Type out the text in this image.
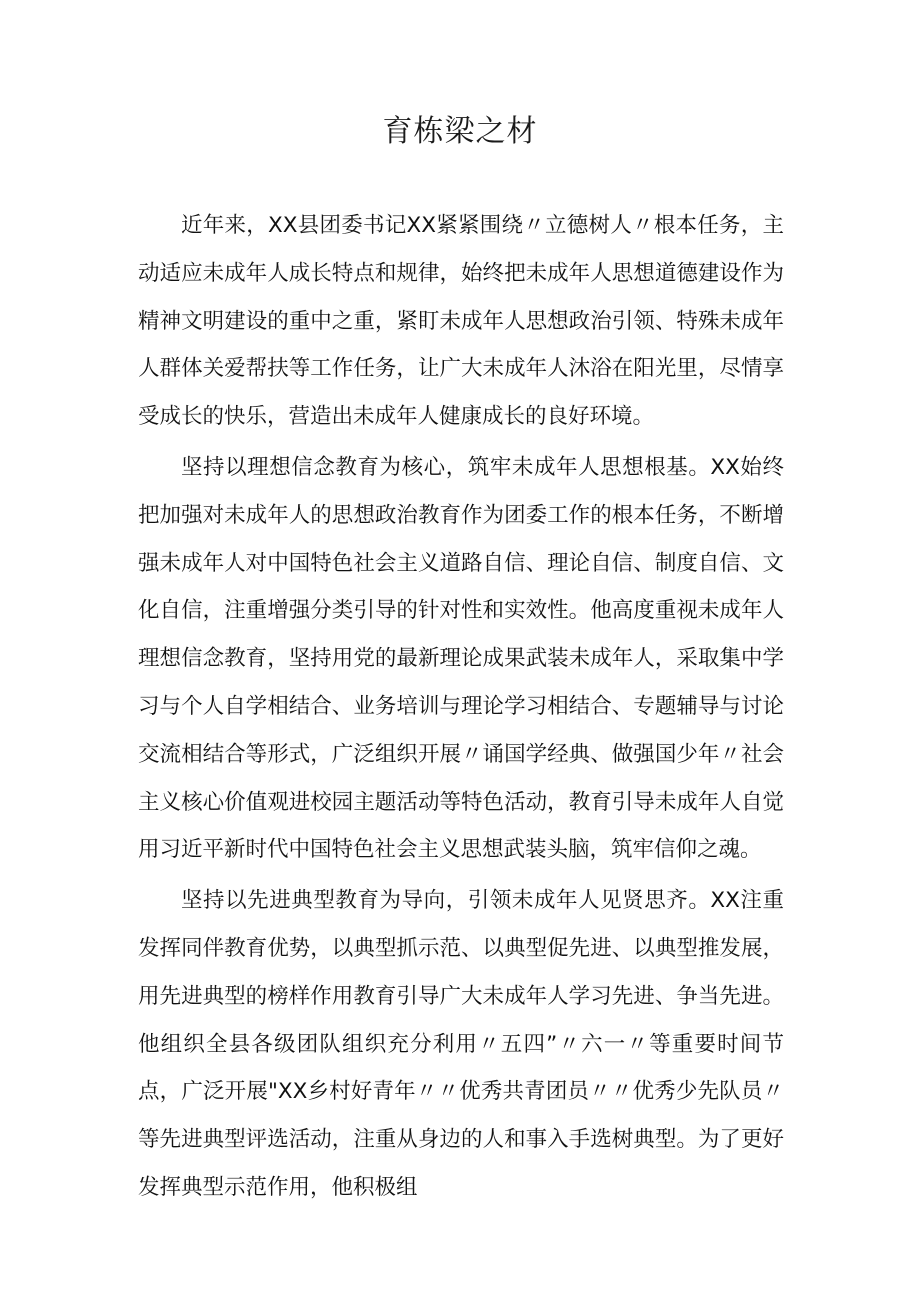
育栋梁之材

近年来，XX县团委书记XX紧紧围绕〃立德树人〃根本任务，主动适应未成年人成长特点和规律，始终把未成年人思想道德建设作为精神文明建设的重中之重，紧盯未成年人思想政治引领、特殊未成年人群体关爱帮扶等工作任务，让广大未成年人沐浴在阳光里，尽情享受成长的快乐，营造出未成年人健康成长的良好环境。

坚持以理想信念教育为核心，筑牢未成年人思想根基。XX始终把加强对未成年人的思想政治教育作为团委工作的根本任务，不断增强未成年人对中国特色社会主义道路自信、理论自信、制度自信、文化自信，注重增强分类引导的针对性和实效性。他高度重视未成年人理想信念教育，坚持用党的最新理论成果武装未成年人，采取集中学习与个人自学相结合、业务培训与理论学习相结合、专题辅导与讨论交流相结合等形式，广泛组织开展〃诵国学经典、做强国少年〃社会主义核心价值观进校园主题活动等特色活动，教育引导未成年人自觉用习近平新时代中国特色社会主义思想武装头脑，筑牢信仰之魂。

坚持以先进典型教育为导向，引领未成年人见贤思齐。XX注重发挥同伴教育优势，以典型抓示范、以典型促先进、以典型推发展，用先进典型的榜样作用教育引导广大未成年人学习先进、争当先进。他组织全县各级团队组织充分利用〃五四”〃六一〃等重要时间节点，广泛开展"XX乡村好青年〃〃优秀共青团员〃〃优秀少先队员〃等先进典型评选活动，注重从身边的人和事入手选树典型。为了更好发挥典型示范作用，他积极组
